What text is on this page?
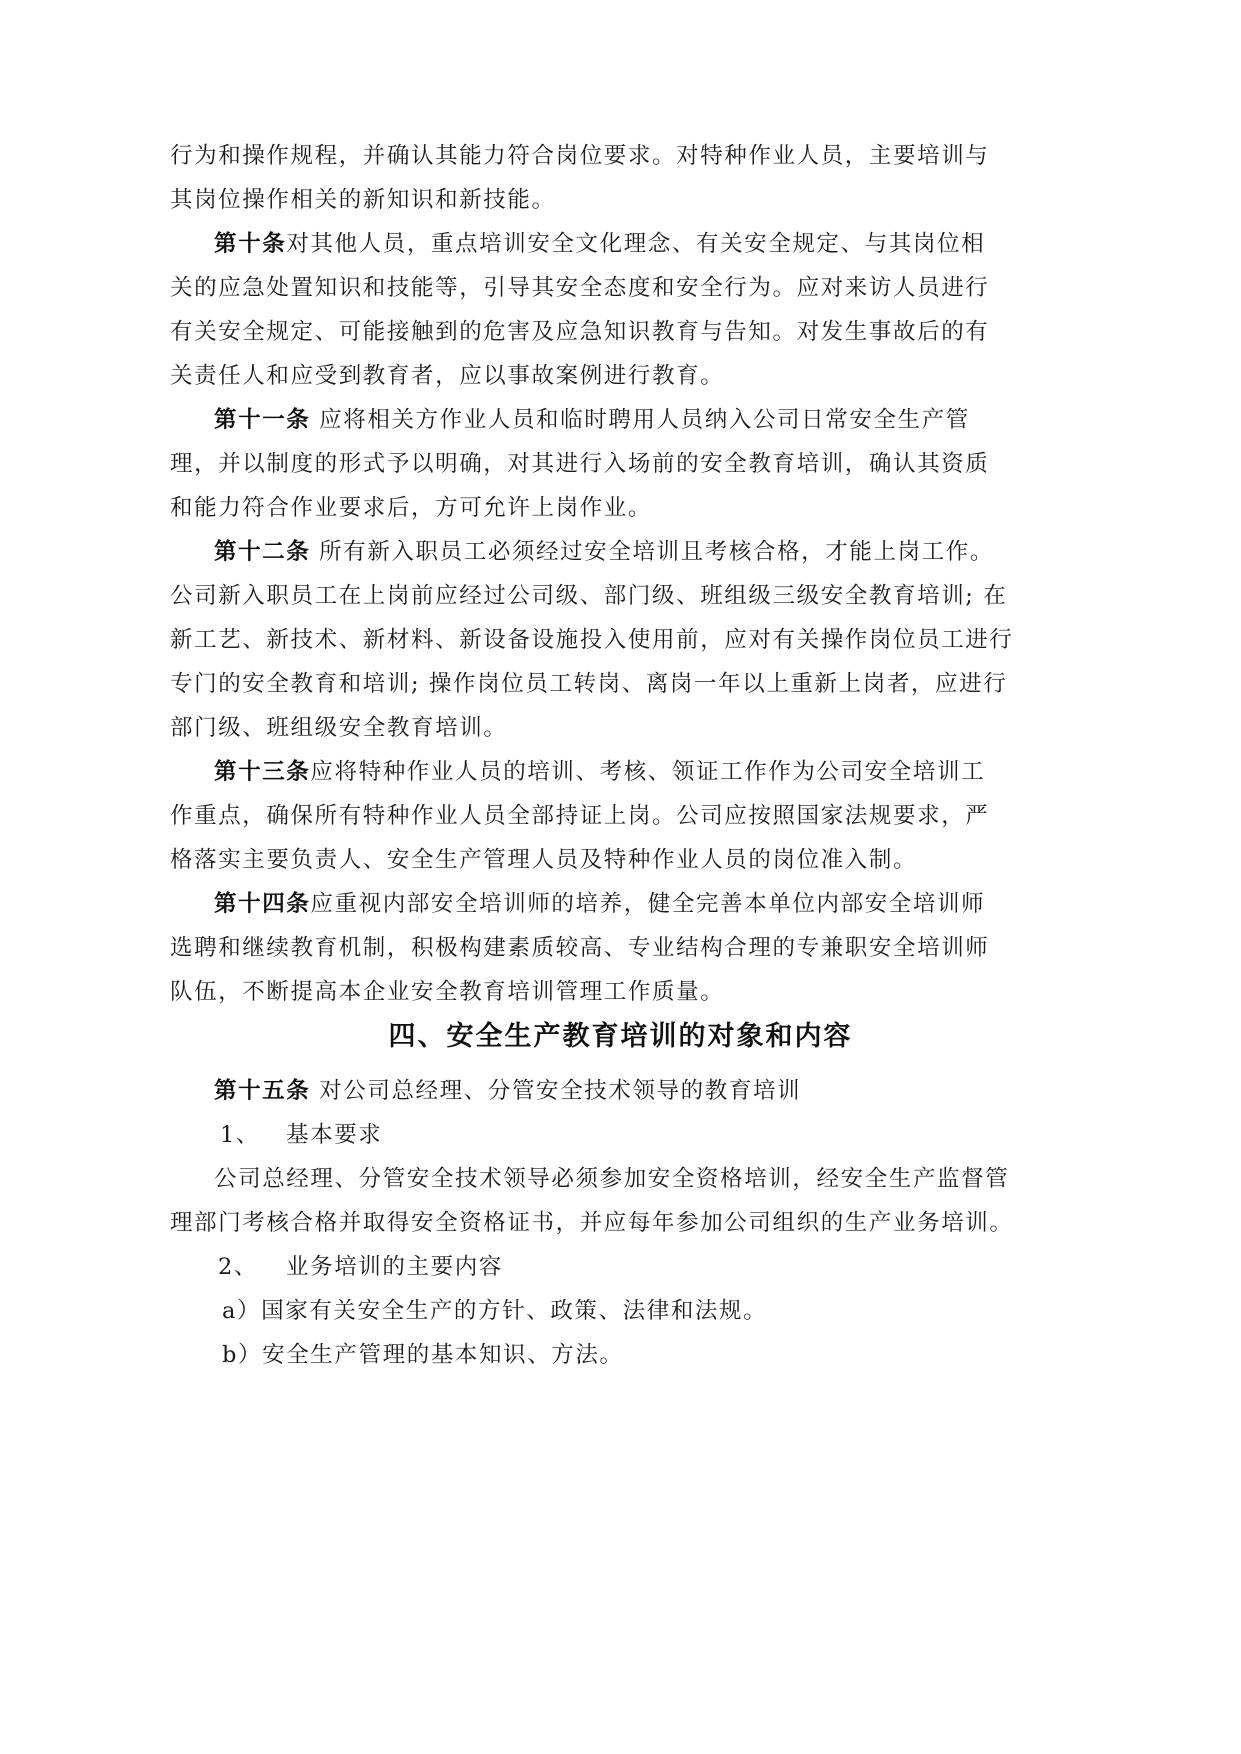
行为和操作规程，并确认其能力符合岗位要求。对特种作业人员，主要培训与
其岗位操作相关的新知识和新技能。
第十条对其他人员，重点培训安全文化理念、有关安全规定、与其岗位相
关的应急处置知识和技能等，引导其安全态度和安全行为。应对来访人员进行
有关安全规定、可能接触到的危害及应急知识教育与告知。对发生事故后的有
关责任人和应受到教育者，应以事故案例进行教育。
第十一条 应将相关方作业人员和临时聘用人员纳入公司日常安全生产管
理，并以制度的形式予以明确，对其进行入场前的安全教育培训，确认其资质
和能力符合作业要求后，方可允许上岗作业。
第十二条 所有新入职员工必须经过安全培训且考核合格，才能上岗工作。
公司新入职员工在上岗前应经过公司级、部门级、班组级三级安全教育培训; 在
新工艺、新技术、新材料、新设备设施投入使用前，应对有关操作岗位员工进行
专门的安全教育和培训; 操作岗位员工转岗、离岗一年以上重新上岗者，应进行
部门级、班组级安全教育培训。
第十三条应将特种作业人员的培训、考核、领证工作作为公司安全培训工
作重点，确保所有特种作业人员全部持证上岗。公司应按照国家法规要求，严
格落实主要负责人、安全生产管理人员及特种作业人员的岗位准入制。
第十四条应重视内部安全培训师的培养，健全完善本单位内部安全培训师
选聘和继续教育机制，积极构建素质较高、专业结构合理的专兼职安全培训师
队伍，不断提高本企业安全教育培训管理工作质量。
四、安全生产教育培训的对象和内容
第十五条 对公司总经理、分管安全技术领导的教育培训
1、 基本要求
公司总经理、分管安全技术领导必须参加安全资格培训，经安全生产监督管
理部门考核合格并取得安全资格证书，并应每年参加公司组织的生产业务培训。
2、 业务培训的主要内容
a）国家有关安全生产的方针、政策、法律和法规。
b）安全生产管理的基本知识、方法。
